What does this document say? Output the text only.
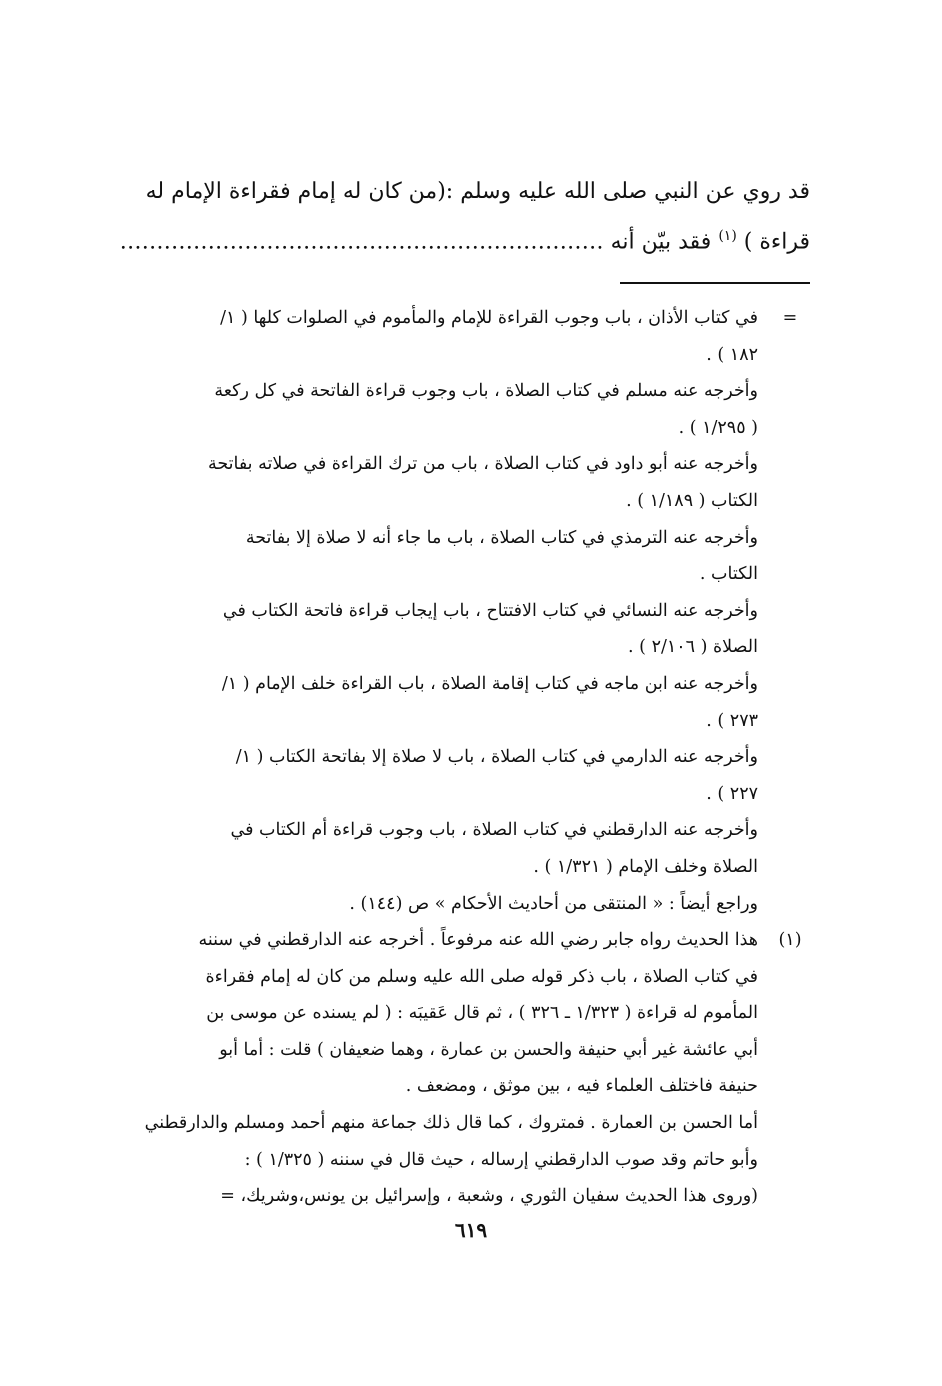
قد روي عن النبي صلى الله عليه وسلم :(من كان له إمام فقراءة الإمام له
قراءة ) $^{(١)}$ فقد بيّن أنه …………………………………………………………
=
في كتاب الأذان ، باب وجوب القراءة للإمام والمأموم في الصلوات كلها ( ١/
١٨٢ ) .
وأخرجه عنه مسلم في كتاب الصلاة ، باب وجوب قراءة الفاتحة في كل ركعة
( ١/٢٩٥ ) .
وأخرجه عنه أبو داود في كتاب الصلاة ، باب من ترك القراءة في صلاته بفاتحة
الكتاب ( ١/١٨٩ ) .
وأخرجه عنه الترمذي في كتاب الصلاة ، باب ما جاء أنه لا صلاة إلا بفاتحة
الكتاب .
وأخرجه عنه النسائي في كتاب الافتتاح ، باب إيجاب قراءة فاتحة الكتاب في
الصلاة ( ٢/١٠٦ ) .
وأخرجه عنه ابن ماجه في كتاب إقامة الصلاة ، باب القراءة خلف الإمام ( ١/
٢٧٣ ) .
وأخرجه عنه الدارمي في كتاب الصلاة ، باب لا صلاة إلا بفاتحة الكتاب ( ١/
٢٢٧ ) .
وأخرجه عنه الدارقطني في كتاب الصلاة ، باب وجوب قراءة أم الكتاب في
الصلاة وخلف الإمام ( ١/٣٢١ ) .
وراجع أيضاً : « المنتقى من أحاديث الأحكام » ص (١٤٤) .
(١)
هذا الحديث رواه جابر رضي الله عنه مرفوعاً . أخرجه عنه الدارقطني في سننه
في كتاب الصلاة ، باب ذكر قوله صلى الله عليه وسلم من كان له إمام فقراءة
المأموم له قراءة ( ١/٣٢٣ ـ ٣٢٦ ) ، ثم قال عَقيبَه : ( لم يسنده عن موسى بن
أبي عائشة غير أبي حنيفة والحسن بن عمارة ، وهما ضعيفان ) قلت : أما أبو
حنيفة فاختلف العلماء فيه ، بين موثق ، ومضعف .
أما الحسن بن العمارة . فمتروك ، كما قال ذلك جماعة منهم أحمد ومسلم والدارقطني
وأبو حاتم وقد صوب الدارقطني إرساله ، حيث قال في سننه ( ١/٣٢٥ ) :
(وروى هذا الحديث سفيان الثوري ، وشعبة ، وإسرائيل بن يونس،وشريك، =
٦١٩
